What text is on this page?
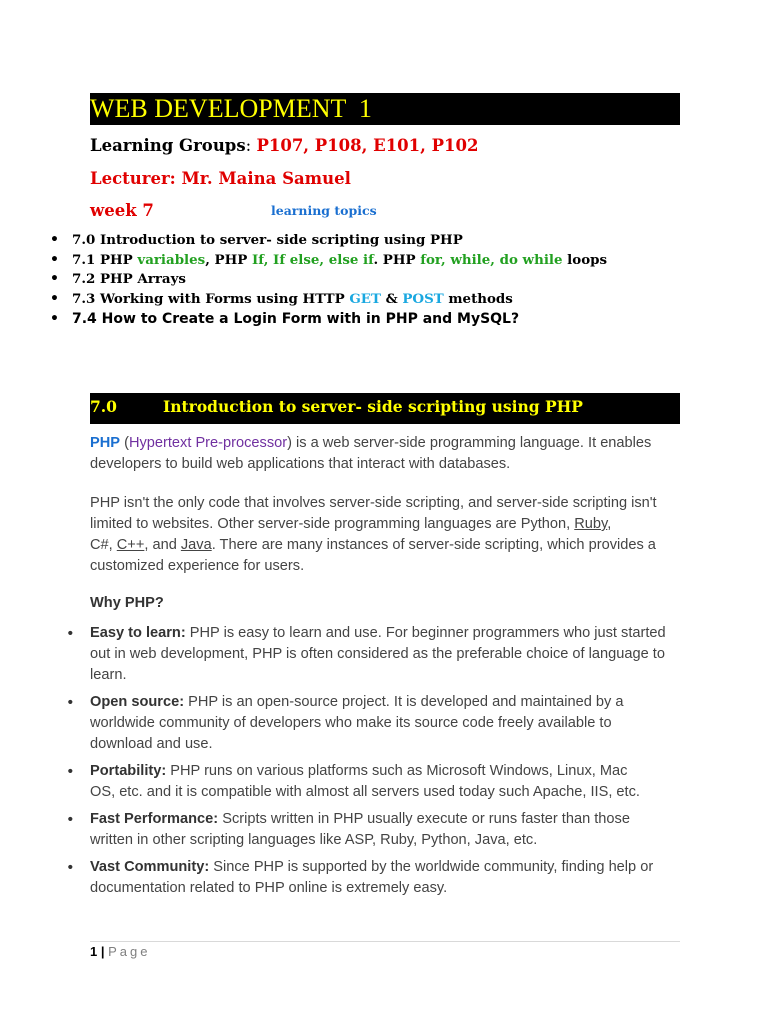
WEB DEVELOPMENT  1
Learning Groups: P107, P108, E101, P102
Lecturer: Mr. Maina Samuel
week 7	learning topics
• 7.0 Introduction to server- side scripting using PHP
• 7.1 PHP variables, PHP If, If else, else if. PHP for, while, do while loops
• 7.2 PHP Arrays
• 7.3 Working with Forms using HTTP GET & POST methods
• 7.4 How to Create a Login Form with in PHP and MySQL?
7.0	Introduction to server- side scripting using PHP
PHP (Hypertext Pre-processor) is a web server-side programming language. It enables
developers to build web applications that interact with databases.
PHP isn't the only code that involves server-side scripting, and server-side scripting isn't
limited to websites. Other server-side programming languages are Python, Ruby,
C#, C++, and Java. There are many instances of server-side scripting, which provides a
customized experience for users.
Why PHP?
• Easy to learn: PHP is easy to learn and use. For beginner programmers who just started out in web development, PHP is often considered as the preferable choice of language to learn.
• Open source: PHP is an open-source project. It is developed and maintained by a worldwide community of developers who make its source code freely available to download and use.
• Portability: PHP runs on various platforms such as Microsoft Windows, Linux, Mac OS, etc. and it is compatible with almost all servers used today such Apache, IIS, etc.
• Fast Performance: Scripts written in PHP usually execute or runs faster than those written in other scripting languages like ASP, Ruby, Python, Java, etc.
• Vast Community: Since PHP is supported by the worldwide community, finding help or documentation related to PHP online is extremely easy.
1 | Page
